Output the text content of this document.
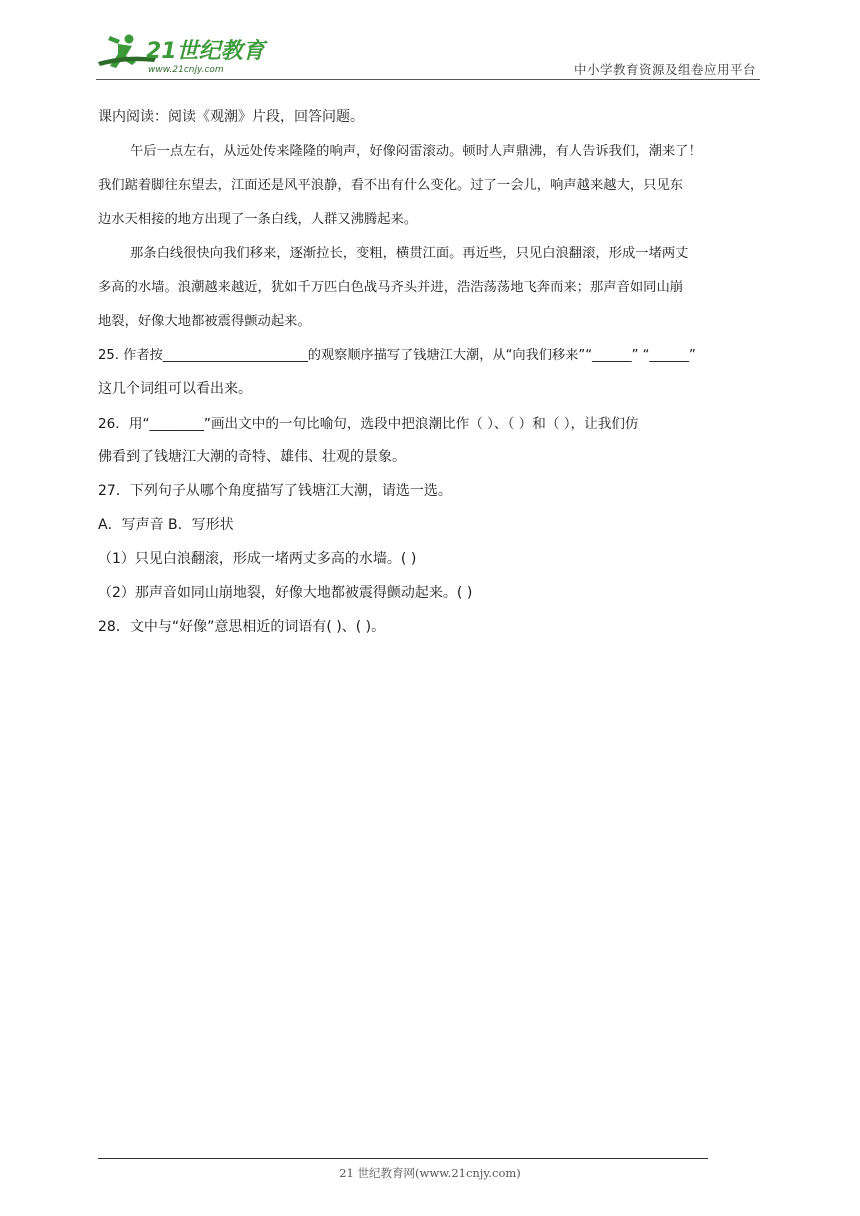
21世纪教育
www.21cnjy.com	中小学教育资源及组卷应用平台
课内阅读：阅读《观潮》片段，回答问题。
午后一点左右，从远处传来隆隆的响声，好像闷雷滚动。顿时人声鼎沸，有人告诉我们，潮来了！
我们踮着脚往东望去，江面还是风平浪静，看不出有什么变化。过了一会儿，响声越来越大，只见东
边水天相接的地方出现了一条白线，人群又沸腾起来。
那条白线很快向我们移来，逐渐拉长，变粗，横贯江面。再近些，只见白浪翻滚，形成一堵两丈
多高的水墙。浪潮越来越近，犹如千万匹白色战马齐头并进，浩浩荡荡地飞奔而来；那声音如同山崩
地裂，好像大地都被震得颤动起来。
25. 作者按______________________的观察顺序描写了钱塘江大潮，从“向我们移来”“______” “______”
这几个词组可以看出来。
26．用“________”画出文中的一句比喻句，选段中把浪潮比作（ ）、（ ）和（ ），让我们仿
佛看到了钱塘江大潮的奇特、雄伟、壮观的景象。
27．下列句子从哪个角度描写了钱塘江大潮，请选一选。
A．写声音 B．写形状
（1）只见白浪翻滚，形成一堵两丈多高的水墙。( )
（2）那声音如同山崩地裂，好像大地都被震得颤动起来。( )
28．文中与“好像”意思相近的词语有( )、( )。
21 世纪教育网(www.21cnjy.com)
